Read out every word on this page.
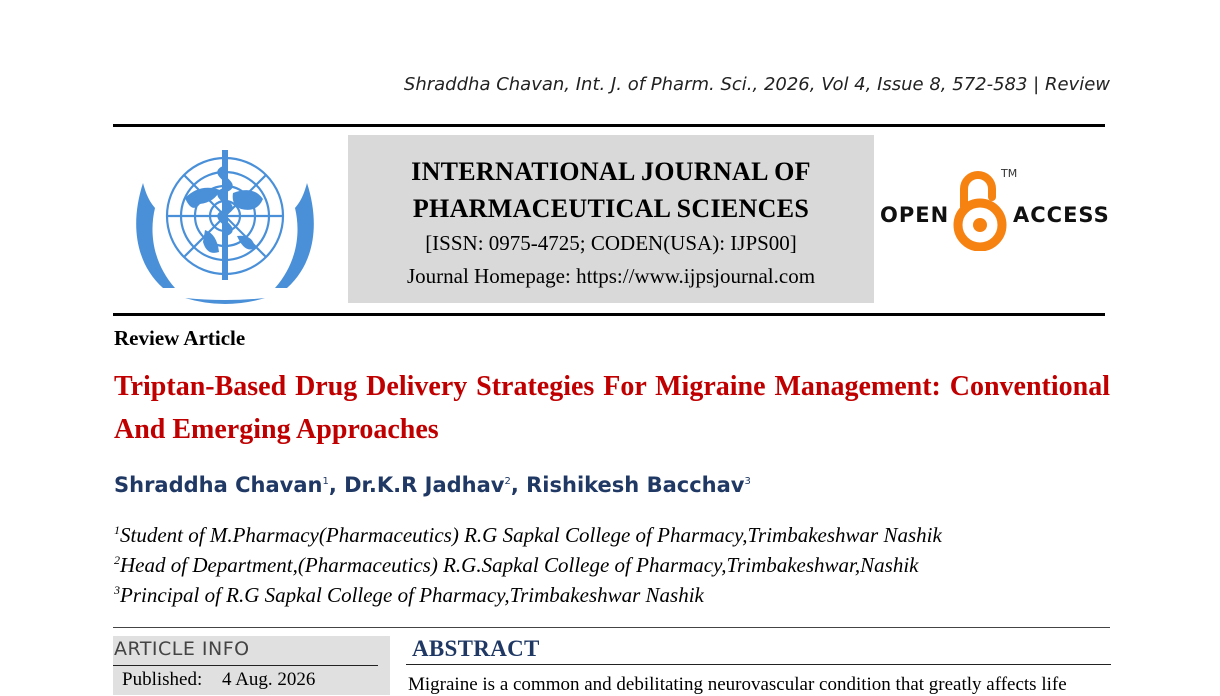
Shraddha Chavan, Int. J. of Pharm. Sci., 2026, Vol 4, Issue 8, 572-583 | Review
INTERNATIONAL JOURNAL OF
PHARMACEUTICAL SCIENCES
[ISSN: 0975-4725; CODEN(USA): IJPS00]
Journal Homepage: https://www.ijpsjournal.com
OPEN
TM
ACCESS
Review Article
Triptan-Based Drug Delivery Strategies For Migraine Management: Conventional And Emerging Approaches
Shraddha Chavan$^1$, Dr.K.R Jadhav$^2$, Rishikesh Bacchav$^3$
$^1$Student of M.Pharmacy(Pharmaceutics) R.G Sapkal College of Pharmacy,Trimbakeshwar Nashik
$^2$Head of Department,(Pharmaceutics) R.G.Sapkal College of Pharmacy,Trimbakeshwar,Nashik
$^3$Principal of R.G Sapkal College of Pharmacy,Trimbakeshwar Nashik
ARTICLE INFO
Published: 4 Aug. 2026
ABSTRACT
Migraine is a common and debilitating neurovascular condition that greatly affects life
